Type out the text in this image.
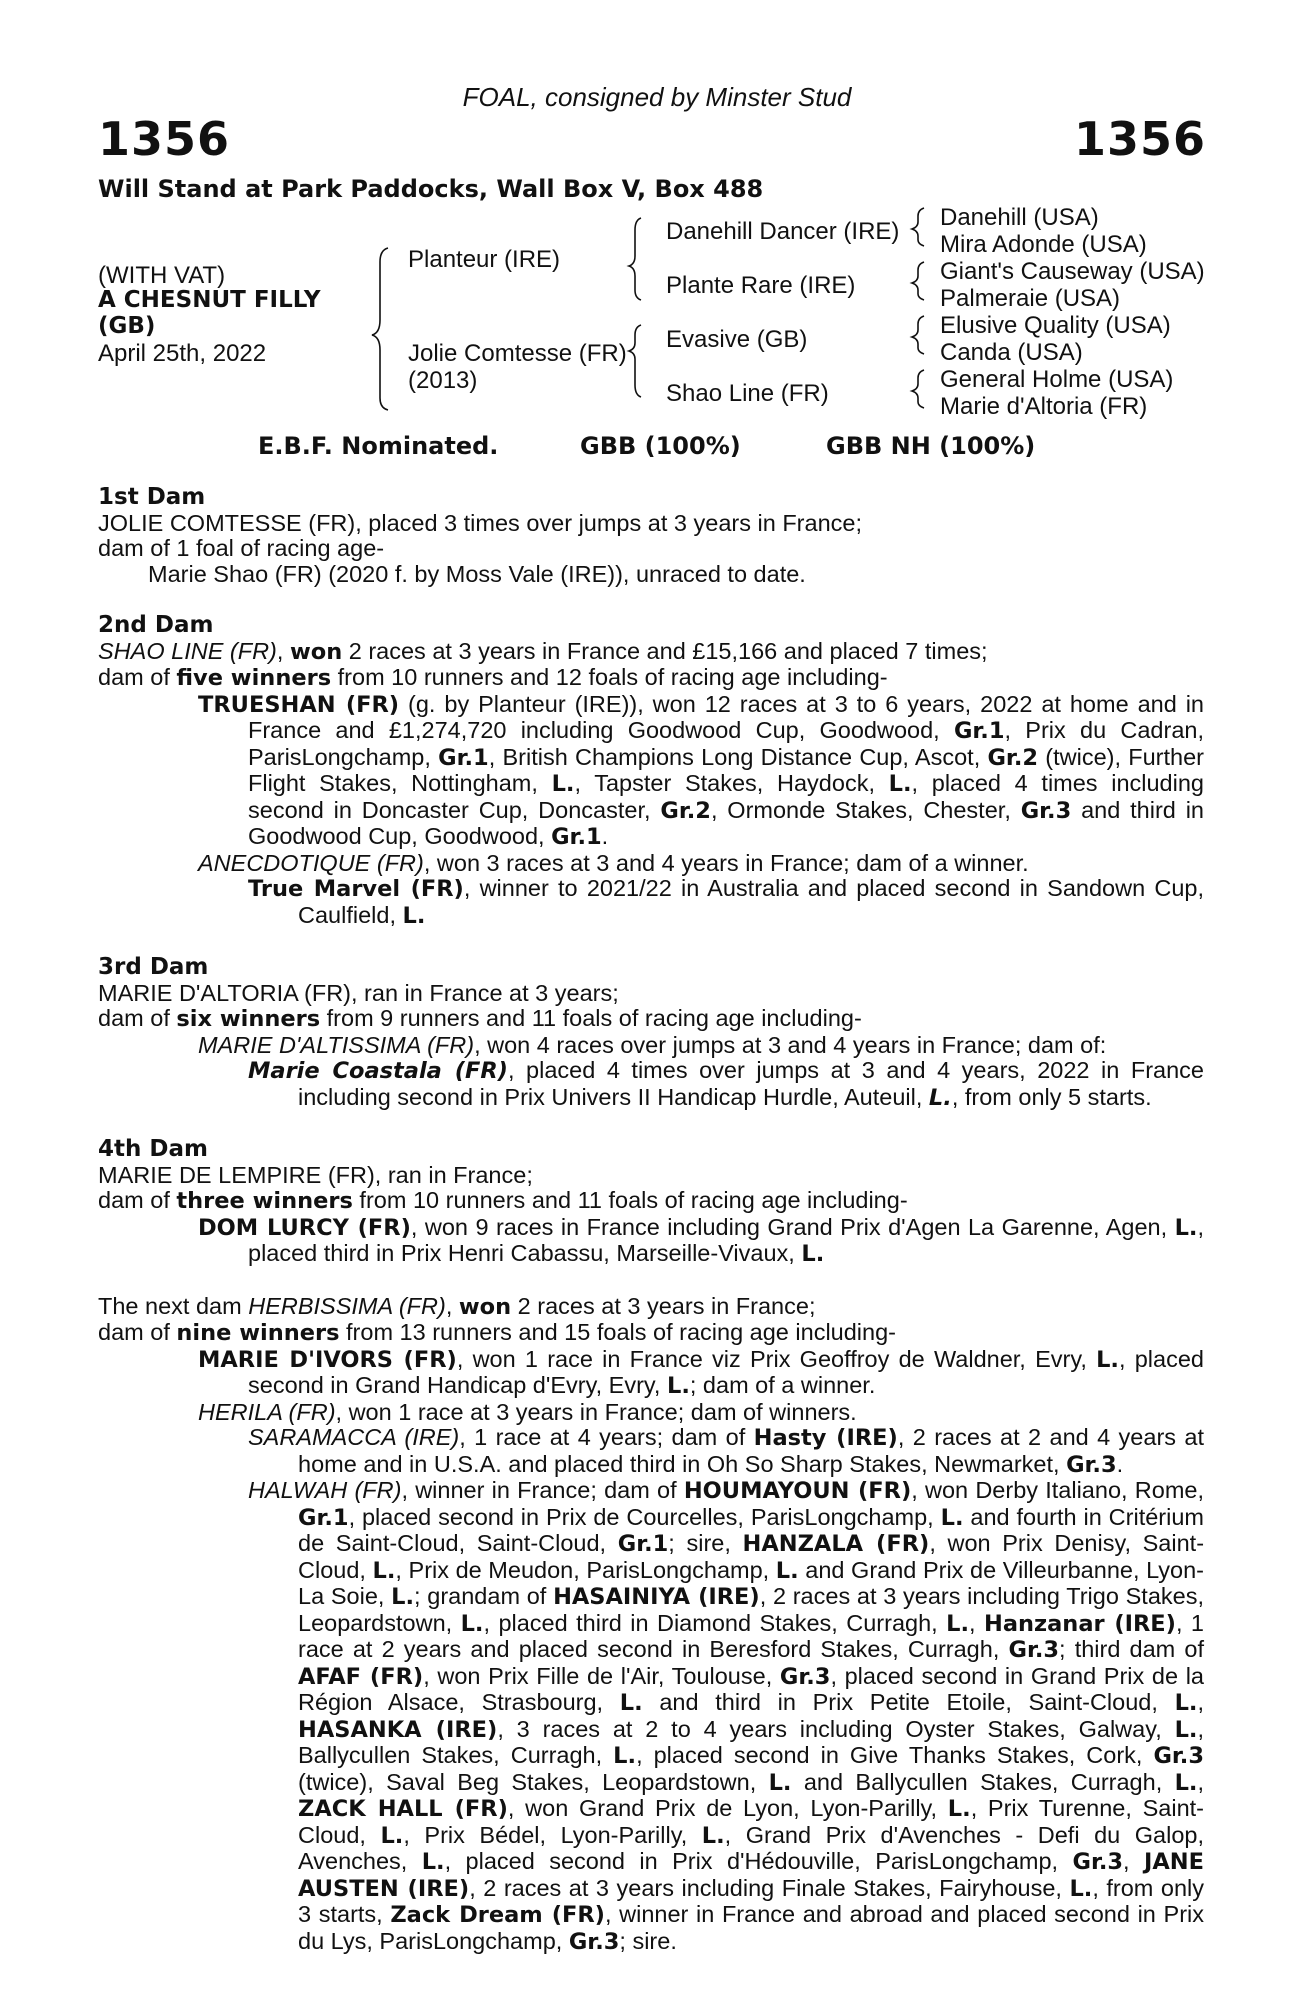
FOAL, consigned by Minster Stud
1356	1356
Will Stand at Park Paddocks, Wall Box V, Box 488
(WITH VAT)
A CHESNUT FILLY
(GB)
April 25th, 2022
Planteur (IRE)
Jolie Comtesse (FR)
(2013)
Danehill Dancer (IRE)
Plante Rare (IRE)
Evasive (GB)
Shao Line (FR)
Danehill (USA)
Mira Adonde (USA)
Giant's Causeway (USA)
Palmeraie (USA)
Elusive Quality (USA)
Canda (USA)
General Holme (USA)
Marie d'Altoria (FR)
E.B.F. Nominated.	GBB (100%)	GBB NH (100%)
1st Dam
JOLIE COMTESSE (FR), placed 3 times over jumps at 3 years in France;
dam of 1 foal of racing age-
Marie Shao (FR) (2020 f. by Moss Vale (IRE)), unraced to date.
2nd Dam
SHAO LINE (FR), won 2 races at 3 years in France and £15,166 and placed 7 times;
dam of five winners from 10 runners and 12 foals of racing age including-
TRUESHAN (FR) (g. by Planteur (IRE)), won 12 races at 3 to 6 years, 2022 at home and in France and £1,274,720 including Goodwood Cup, Goodwood, Gr.1, Prix du Cadran, ParisLongchamp, Gr.1, British Champions Long Distance Cup, Ascot, Gr.2 (twice), Further Flight Stakes, Nottingham, L., Tapster Stakes, Haydock, L., placed 4 times including second in Doncaster Cup, Doncaster, Gr.2, Ormonde Stakes, Chester, Gr.3 and third in Goodwood Cup, Goodwood, Gr.1.
ANECDOTIQUE (FR), won 3 races at 3 and 4 years in France; dam of a winner.
True Marvel (FR), winner to 2021/22 in Australia and placed second in Sandown Cup, Caulfield, L.
3rd Dam
MARIE D'ALTORIA (FR), ran in France at 3 years;
dam of six winners from 9 runners and 11 foals of racing age including-
MARIE D'ALTISSIMA (FR), won 4 races over jumps at 3 and 4 years in France; dam of:
Marie Coastala (FR), placed 4 times over jumps at 3 and 4 years, 2022 in France including second in Prix Univers II Handicap Hurdle, Auteuil, L., from only 5 starts.
4th Dam
MARIE DE LEMPIRE (FR), ran in France;
dam of three winners from 10 runners and 11 foals of racing age including-
DOM LURCY (FR), won 9 races in France including Grand Prix d'Agen La Garenne, Agen, L., placed third in Prix Henri Cabassu, Marseille-Vivaux, L.
The next dam HERBISSIMA (FR), won 2 races at 3 years in France;
dam of nine winners from 13 runners and 15 foals of racing age including-
MARIE D'IVORS (FR), won 1 race in France viz Prix Geoffroy de Waldner, Evry, L., placed second in Grand Handicap d'Evry, Evry, L.; dam of a winner.
HERILA (FR), won 1 race at 3 years in France; dam of winners.
SARAMACCA (IRE), 1 race at 4 years; dam of Hasty (IRE), 2 races at 2 and 4 years at home and in U.S.A. and placed third in Oh So Sharp Stakes, Newmarket, Gr.3.
HALWAH (FR), winner in France; dam of HOUMAYOUN (FR), won Derby Italiano, Rome, Gr.1, placed second in Prix de Courcelles, ParisLongchamp, L. and fourth in Critérium de Saint-Cloud, Saint-Cloud, Gr.1; sire, HANZALA (FR), won Prix Denisy, Saint-Cloud, L., Prix de Meudon, ParisLongchamp, L. and Grand Prix de Villeurbanne, Lyon-La Soie, L.; grandam of HASAINIYA (IRE), 2 races at 3 years including Trigo Stakes, Leopardstown, L., placed third in Diamond Stakes, Curragh, L., Hanzanar (IRE), 1 race at 2 years and placed second in Beresford Stakes, Curragh, Gr.3; third dam of AFAF (FR), won Prix Fille de l'Air, Toulouse, Gr.3, placed second in Grand Prix de la Région Alsace, Strasbourg, L. and third in Prix Petite Etoile, Saint-Cloud, L., HASANKA (IRE), 3 races at 2 to 4 years including Oyster Stakes, Galway, L., Ballycullen Stakes, Curragh, L., placed second in Give Thanks Stakes, Cork, Gr.3 (twice), Saval Beg Stakes, Leopardstown, L. and Ballycullen Stakes, Curragh, L., ZACK HALL (FR), won Grand Prix de Lyon, Lyon-Parilly, L., Prix Turenne, Saint-Cloud, L., Prix Bédel, Lyon-Parilly, L., Grand Prix d'Avenches - Defi du Galop, Avenches, L., placed second in Prix d'Hédouville, ParisLongchamp, Gr.3, JANE AUSTEN (IRE), 2 races at 3 years including Finale Stakes, Fairyhouse, L., from only 3 starts, Zack Dream (FR), winner in France and abroad and placed second in Prix du Lys, ParisLongchamp, Gr.3; sire.
